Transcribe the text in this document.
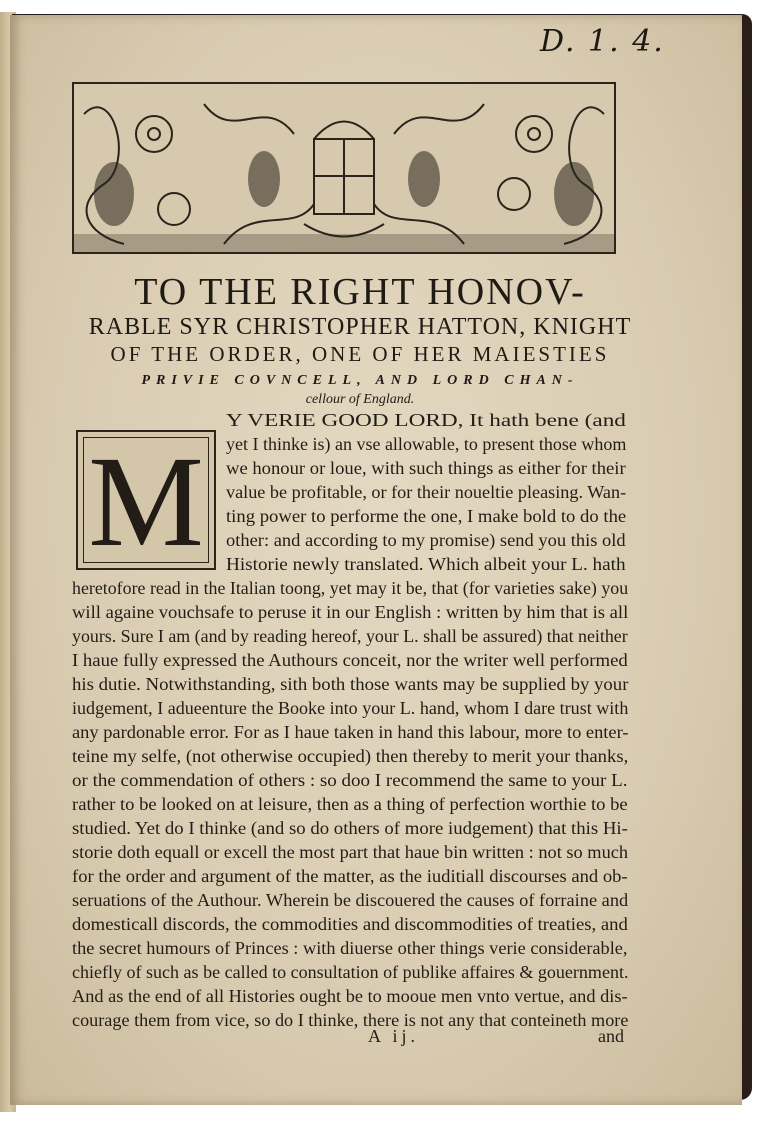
D. 1. 4.
TO THE RIGHT HONOV-
RABLE SYR CHRISTOPHER HATTON, KNIGHT
OF THE ORDER, ONE OF HER MAIESTIES
PRIVIE COVNCELL, AND LORD CHAN-
cellour of England.
M
Y VERIE GOOD LORD, It hath bene (and
yet I thinke is) an vse allowable, to present those whom
we honour or loue, with such things as either for their
value be profitable, or for their noueltie pleasing. Wan-
ting power to performe the one, I make bold to do the
other: and according to my promise) send you this old
Historie newly translated. Which albeit your L. hath
heretofore read in the Italian toong, yet may it be, that (for varieties sake) you
will againe vouchsafe to peruse it in our English : written by him that is all
yours. Sure I am (and by reading hereof, your L. shall be assured) that neither
I haue fully expressed the Authours conceit, nor the writer well performed
his dutie. Notwithstanding, sith both those wants may be supplied by your
iudgement, I adueenture the Booke into your L. hand, whom I dare trust with
any pardonable error. For as I haue taken in hand this labour, more to enter-
teine my selfe, (not otherwise occupied) then thereby to merit your thanks,
or the commendation of others : so doo I recommend the same to your L.
rather to be looked on at leisure, then as a thing of perfection worthie to be
studied. Yet do I thinke (and so do others of more iudgement) that this Hi-
storie doth equall or excell the most part that haue bin written : not so much
for the order and argument of the matter, as the iuditiall discourses and ob-
seruations of the Authour. Wherein be discouered the causes of forraine and
domesticall discords, the commodities and discommodities of treaties, and
the secret humours of Princes : with diuerse other things verie considerable,
chiefly of such as be called to consultation of publike affaires & gouernment.
And as the end of all Histories ought be to mooue men vnto vertue, and dis-
courage them from vice, so do I thinke, there is not any that conteineth more
A ij.	and
